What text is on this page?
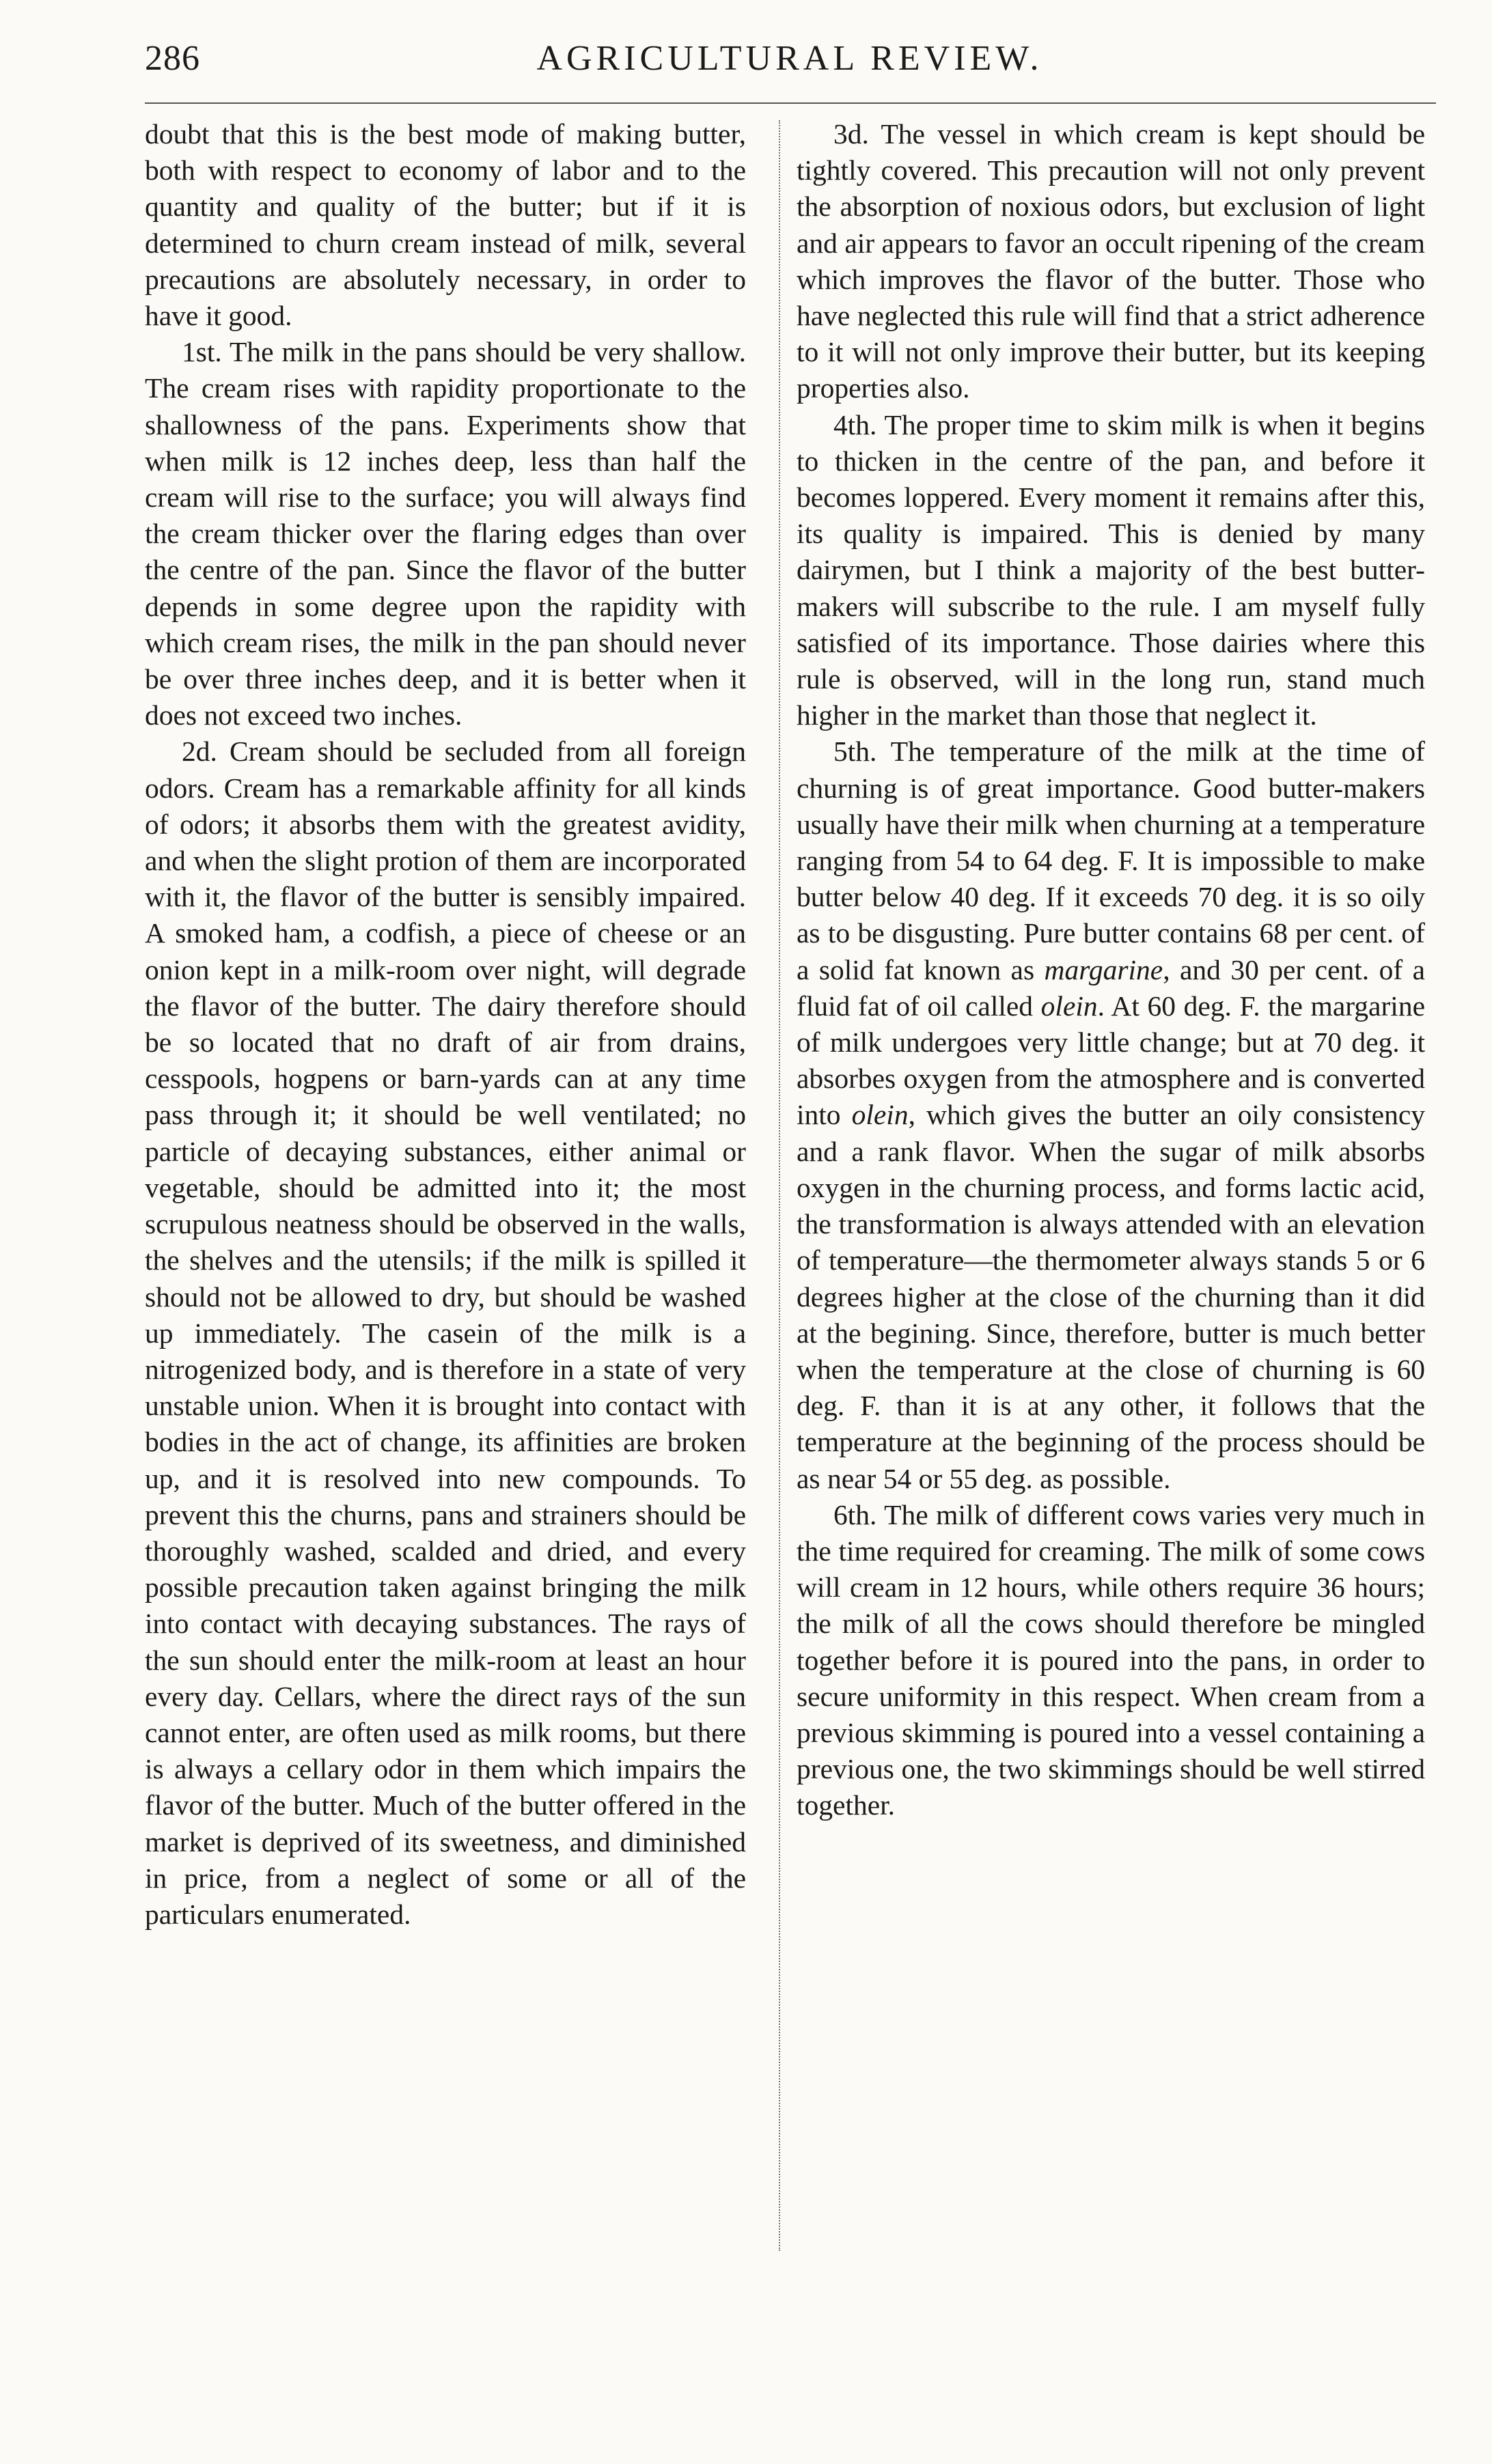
286	AGRICULTURAL REVIEW.

doubt that this is the best mode of making butter, both with respect to economy of labor and to the quantity and quality of the butter; but if it is determined to churn cream instead of milk, several precautions are absolutely necessary, in order to have it good.

1st. The milk in the pans should be very shallow. The cream rises with rapidity proportionate to the shallowness of the pans. Experiments show that when milk is 12 inches deep, less than half the cream will rise to the surface; you will always find the cream thicker over the flaring edges than over the centre of the pan. Since the flavor of the butter depends in some degree upon the rapidity with which cream rises, the milk in the pan should never be over three inches deep, and it is better when it does not exceed two inches.

2d. Cream should be secluded from all foreign odors. Cream has a remarkable affinity for all kinds of odors; it absorbs them with the greatest avidity, and when the slight protion of them are incorporated with it, the flavor of the butter is sensibly impaired. A smoked ham, a codfish, a piece of cheese or an onion kept in a milk-room over night, will degrade the flavor of the butter. The dairy therefore should be so located that no draft of air from drains, cesspools, hogpens or barn-yards can at any time pass through it; it should be well ventilated; no particle of decaying substances, either animal or vegetable, should be admitted into it; the most scrupulous neatness should be observed in the walls, the shelves and the utensils; if the milk is spilled it should not be allowed to dry, but should be washed up immediately. The casein of the milk is a nitrogenized body, and is therefore in a state of very unstable union. When it is brought into contact with bodies in the act of change, its affinities are broken up, and it is resolved into new compounds. To prevent this the churns, pans and strainers should be thoroughly washed, scalded and dried, and every possible precaution taken against bringing the milk into contact with decaying substances. The rays of the sun should enter the milk-room at least an hour every day. Cellars, where the direct rays of the sun cannot enter, are often used as milk rooms, but there is always a cellary odor in them which impairs the flavor of the butter. Much of the butter offered in the market is deprived of its sweetness, and diminished in price, from a neglect of some or all of the particulars enumerated.

3d. The vessel in which cream is kept should be tightly covered. This precaution will not only prevent the absorption of noxious odors, but exclusion of light and air appears to favor an occult ripening of the cream which improves the flavor of the butter. Those who have neglected this rule will find that a strict adherence to it will not only improve their butter, but its keeping properties also.

4th. The proper time to skim milk is when it begins to thicken in the centre of the pan, and before it becomes loppered. Every moment it remains after this, its quality is impaired. This is denied by many dairymen, but I think a majority of the best butter-makers will subscribe to the rule. I am myself fully satisfied of its importance. Those dairies where this rule is observed, will in the long run, stand much higher in the market than those that neglect it.

5th. The temperature of the milk at the time of churning is of great importance. Good butter-makers usually have their milk when churning at a temperature ranging from 54 to 64 deg. F. It is impossible to make butter below 40 deg. If it exceeds 70 deg. it is so oily as to be disgusting. Pure butter contains 68 per cent. of a solid fat known as margarine, and 30 per cent. of a fluid fat of oil called olein. At 60 deg. F. the margarine of milk undergoes very little change; but at 70 deg. it absorbes oxygen from the atmosphere and is converted into olein, which gives the butter an oily consistency and a rank flavor. When the sugar of milk absorbs oxygen in the churning process, and forms lactic acid, the transformation is always attended with an elevation of temperature—the thermometer always stands 5 or 6 degrees higher at the close of the churning than it did at the begining. Since, therefore, butter is much better when the temperature at the close of churning is 60 deg. F. than it is at any other, it follows that the temperature at the beginning of the process should be as near 54 or 55 deg. as possible.

6th. The milk of different cows varies very much in the time required for creaming. The milk of some cows will cream in 12 hours, while others require 36 hours; the milk of all the cows should therefore be mingled together before it is poured into the pans, in order to secure uniformity in this respect. When cream from a previous skimming is poured into a vessel containing a previous one, the two skimmings should be well stirred together.
